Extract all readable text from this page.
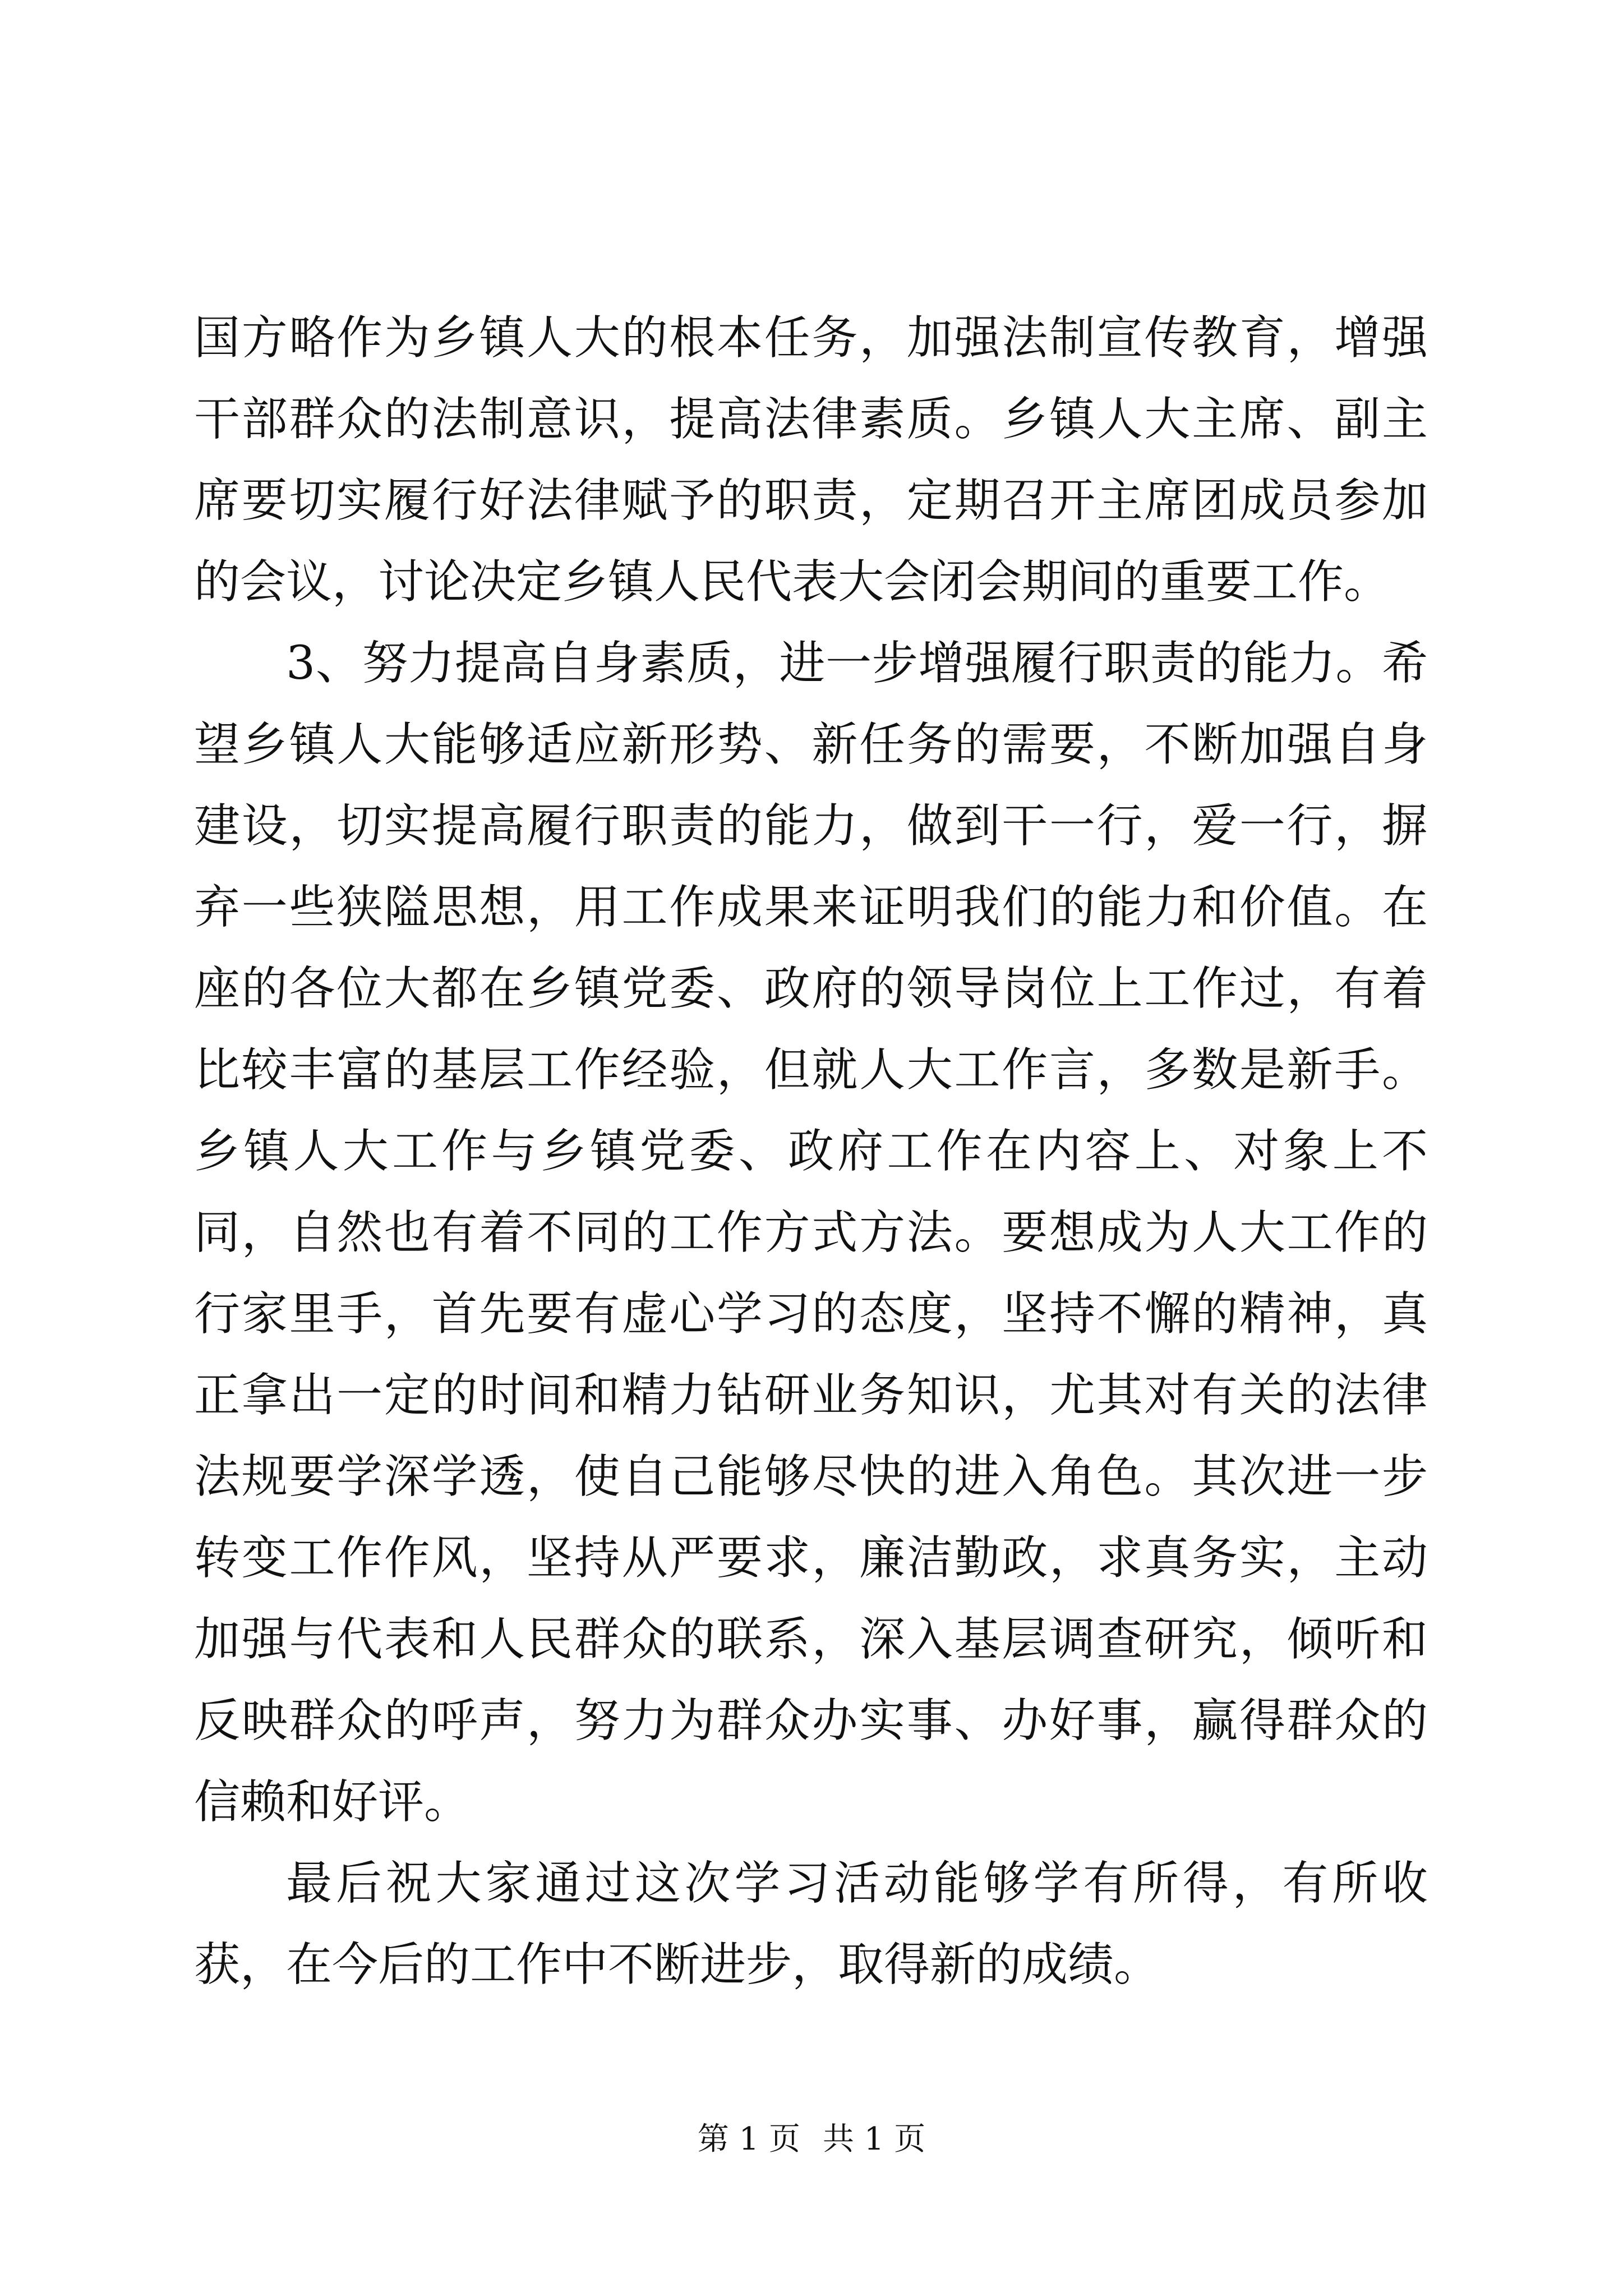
国方略作为乡镇人大的根本任务，加强法制宣传教育，增强干部群众的法制意识，提高法律素质。乡镇人大主席、副主席要切实履行好法律赋予的职责，定期召开主席团成员参加的会议，讨论决定乡镇人民代表大会闭会期间的重要工作。

3、努力提高自身素质，进一步增强履行职责的能力。希望乡镇人大能够适应新形势、新任务的需要，不断加强自身建设，切实提高履行职责的能力，做到干一行，爱一行，摒弃一些狭隘思想，用工作成果来证明我们的能力和价值。在座的各位大都在乡镇党委、政府的领导岗位上工作过，有着比较丰富的基层工作经验，但就人大工作言，多数是新手。乡镇人大工作与乡镇党委、政府工作在内容上、对象上不同，自然也有着不同的工作方式方法。要想成为人大工作的行家里手，首先要有虚心学习的态度，坚持不懈的精神，真正拿出一定的时间和精力钻研业务知识，尤其对有关的法律法规要学深学透，使自己能够尽快的进入角色。其次进一步转变工作作风，坚持从严要求，廉洁勤政，求真务实，主动加强与代表和人民群众的联系，深入基层调查研究，倾听和反映群众的呼声，努力为群众办实事、办好事，赢得群众的信赖和好评。

最后祝大家通过这次学习活动能够学有所得，有所收获，在今后的工作中不断进步，取得新的成绩。

第 1 页 共 1 页
